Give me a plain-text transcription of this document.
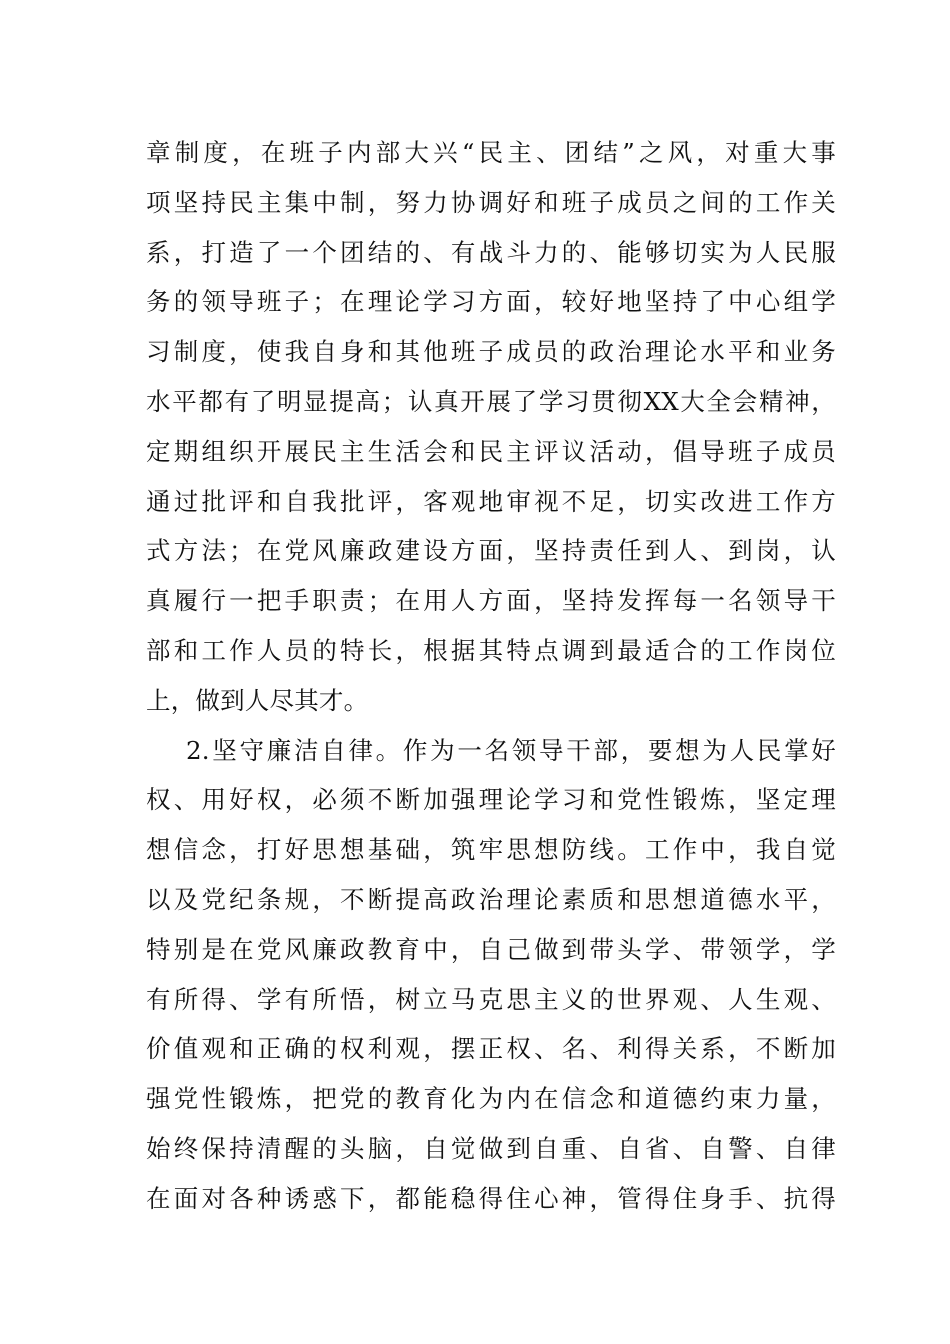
章制度，在班子内部大兴“民主、团结”之风，对重大事
项坚持民主集中制，努力协调好和班子成员之间的工作关
系，打造了一个团结的、有战斗力的、能够切实为人民服
务的领导班子；在理论学习方面，较好地坚持了中心组学
习制度，使我自身和其他班子成员的政治理论水平和业务
水平都有了明显提高；认真开展了学习贯彻XX大全会精神，
定期组织开展民主生活会和民主评议活动，倡导班子成员
通过批评和自我批评，客观地审视不足，切实改进工作方
式方法；在党风廉政建设方面，坚持责任到人、到岗，认
真履行一把手职责；在用人方面，坚持发挥每一名领导干
部和工作人员的特长，根据其特点调到最适合的工作岗位
上，做到人尽其才。
2.坚守廉洁自律。作为一名领导干部，要想为人民掌好
权、用好权，必须不断加强理论学习和党性锻炼，坚定理
想信念，打好思想基础，筑牢思想防线。工作中，我自觉
以及党纪条规，不断提高政治理论素质和思想道德水平，
特别是在党风廉政教育中，自己做到带头学、带领学，学
有所得、学有所悟，树立马克思主义的世界观、人生观、
价值观和正确的权利观，摆正权、名、利得关系，不断加
强党性锻炼，把党的教育化为内在信念和道德约束力量，
始终保持清醒的头脑，自觉做到自重、自省、自警、自律
在面对各种诱惑下，都能稳得住心神，管得住身手、抗得
